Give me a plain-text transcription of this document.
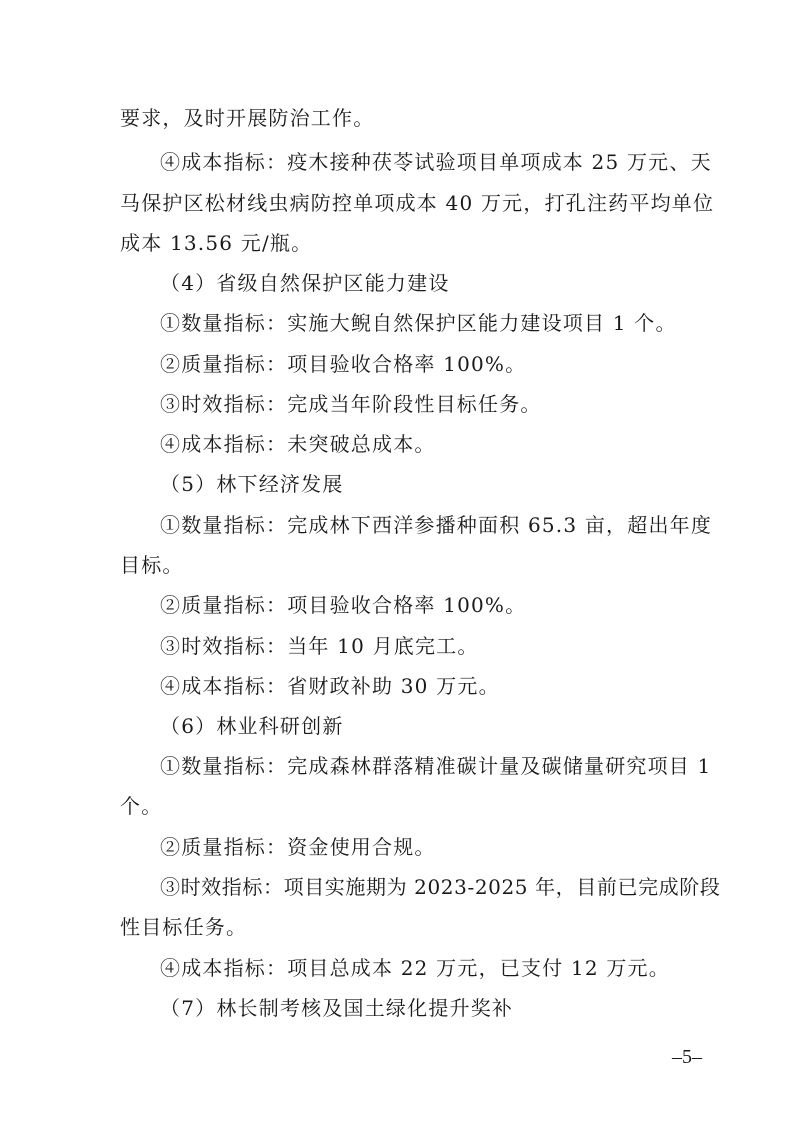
要求，及时开展防治工作。
④成本指标：疫木接种茯苓试验项目单项成本 25 万元、天
马保护区松材线虫病防控单项成本 40 万元，打孔注药平均单位
成本 13.56 元/瓶。
（4）省级自然保护区能力建设
①数量指标：实施大鲵自然保护区能力建设项目 1 个。
②质量指标：项目验收合格率 100%。
③时效指标：完成当年阶段性目标任务。
④成本指标：未突破总成本。
（5）林下经济发展
①数量指标：完成林下西洋参播种面积 65.3 亩，超出年度
目标。
②质量指标：项目验收合格率 100%。
③时效指标：当年 10 月底完工。
④成本指标：省财政补助 30 万元。
（6）林业科研创新
①数量指标：完成森林群落精准碳计量及碳储量研究项目 1
个。
②质量指标：资金使用合规。
③时效指标：项目实施期为 2023-2025 年，目前已完成阶段
性目标任务。
④成本指标：项目总成本 22 万元，已支付 12 万元。
（7）林长制考核及国土绿化提升奖补
–5–
